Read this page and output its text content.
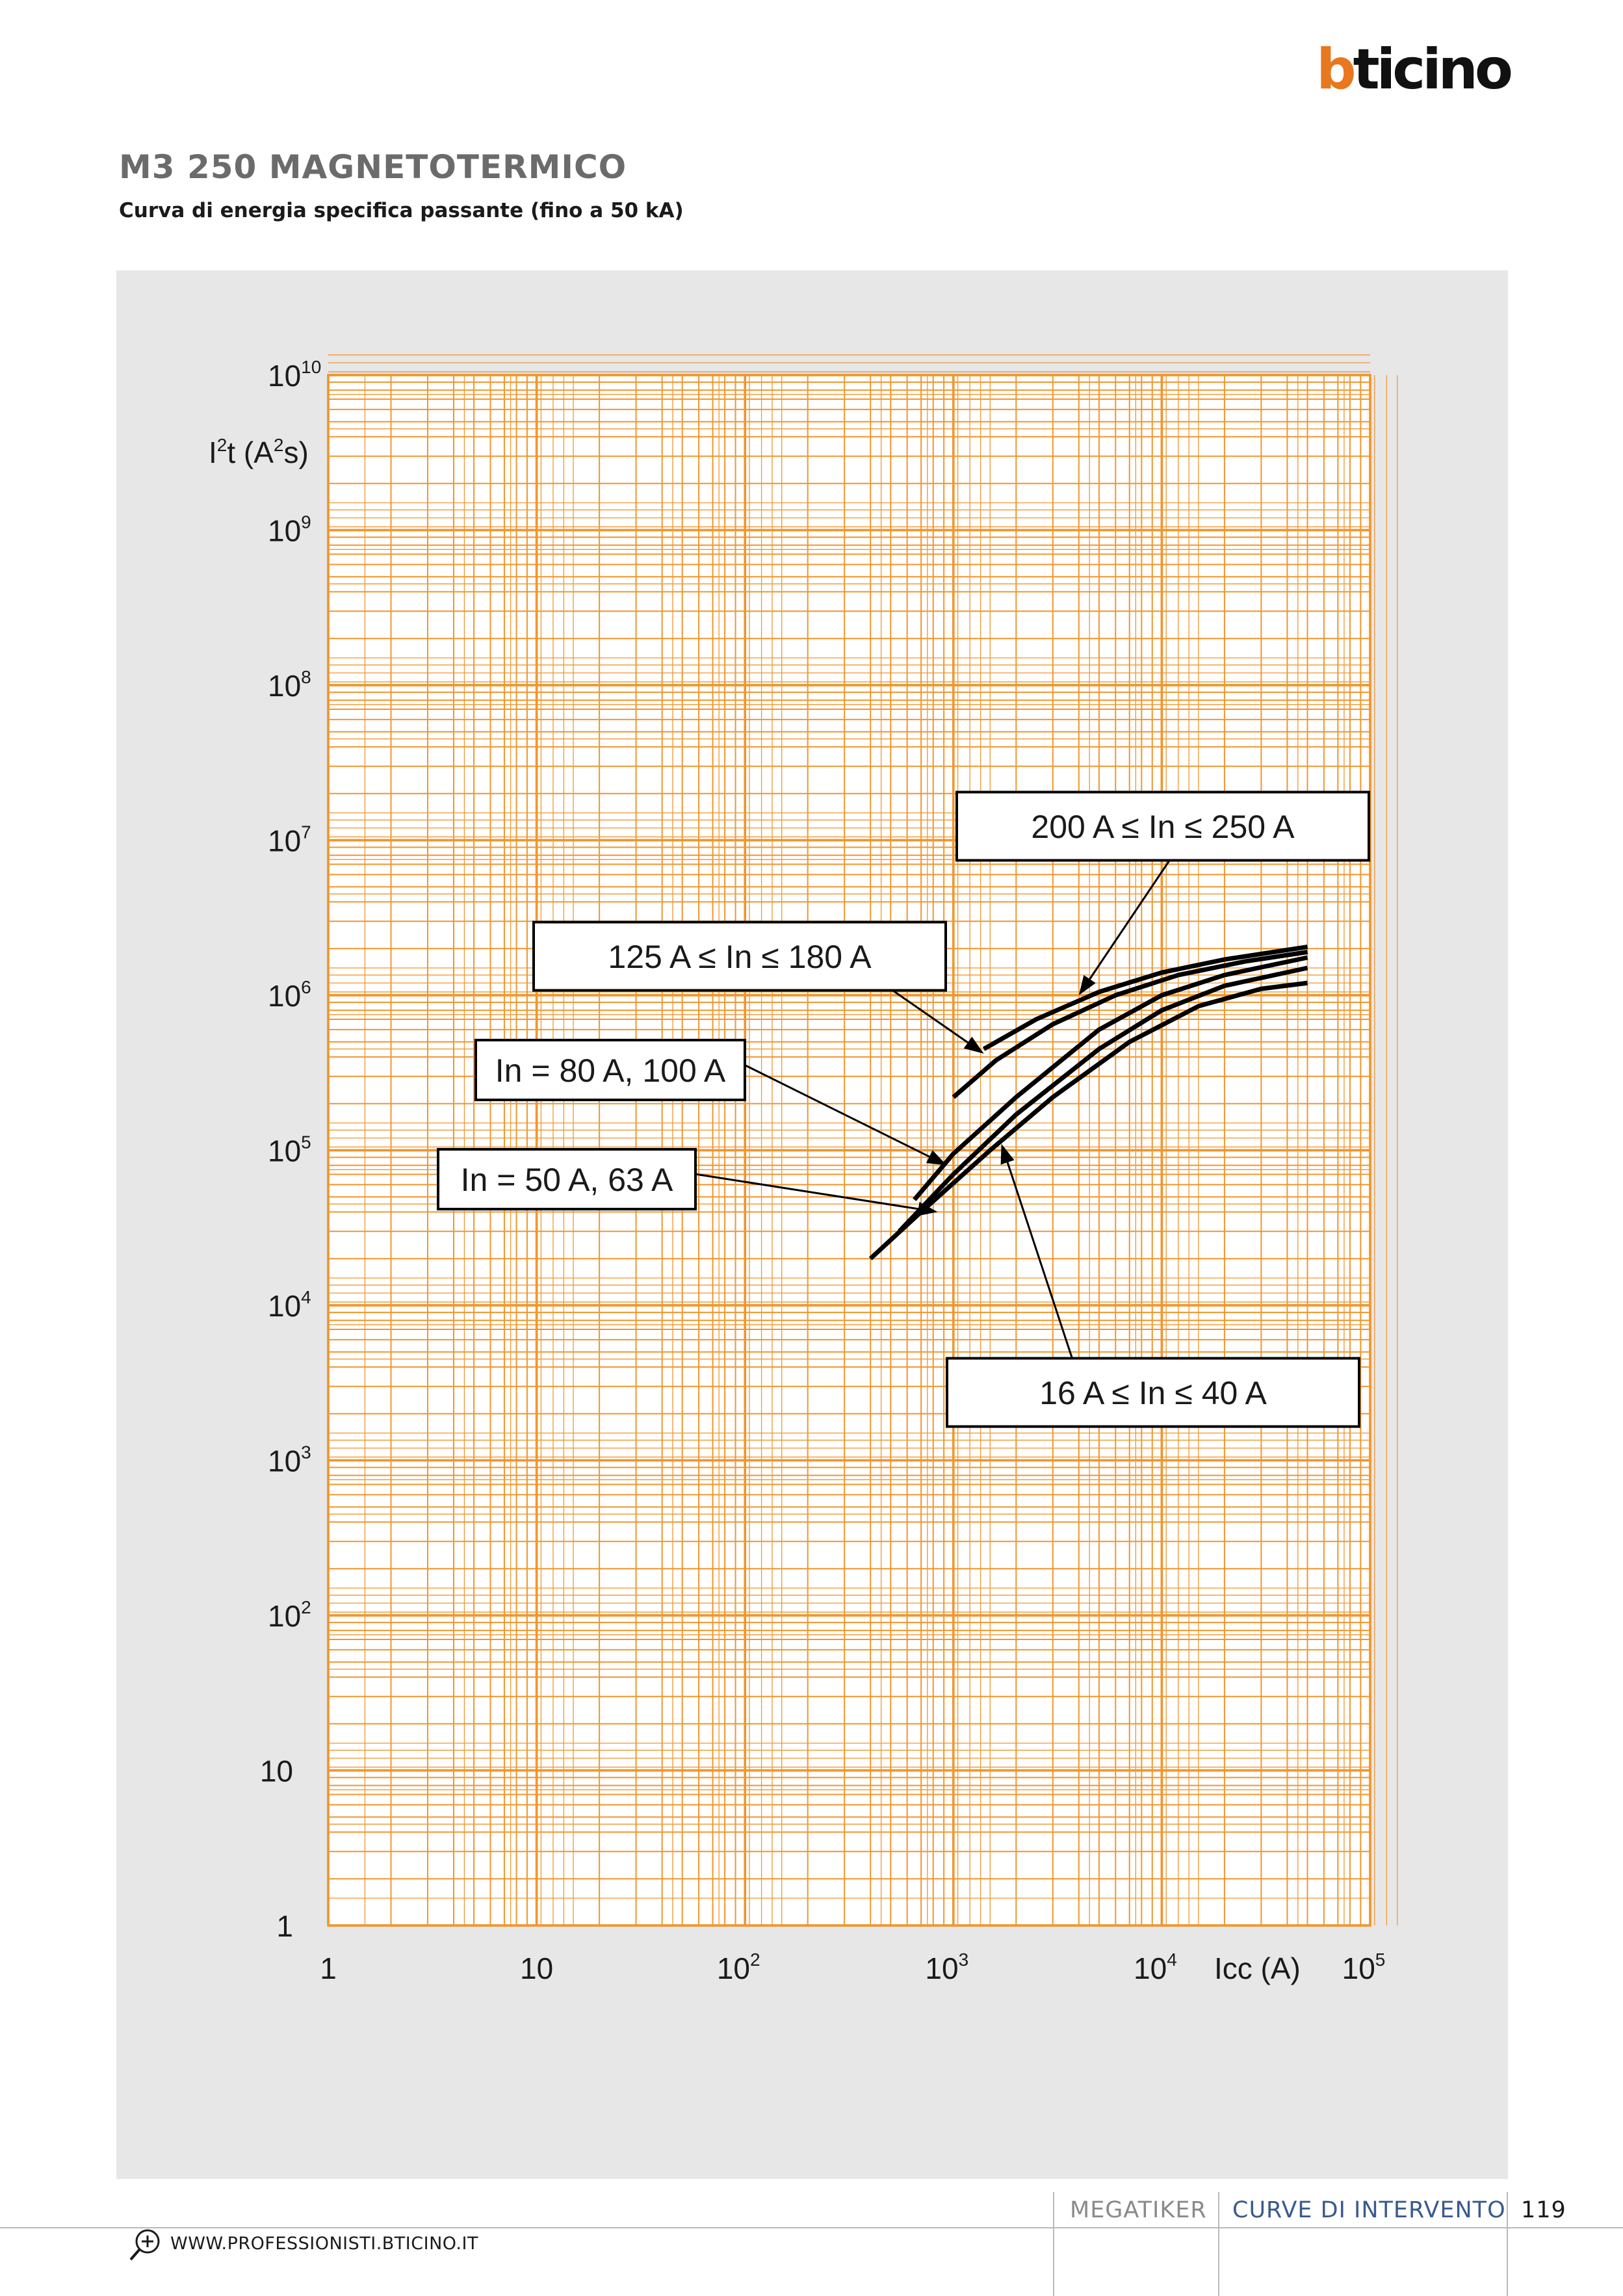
bticino
M3 250 MAGNETOTERMICO
Curva di energia specifica passante (fino a 50 kA)
1
10
$10^2$
$10^3$
$10^4$
$10^5$
$10^6$
$10^7$
$10^8$
$10^9$
$10^{10}$
1	10	$10^2$	$10^3$	$10^4$	$10^5$
$I^2t$ $(A^2s)$
Icc (A)
200 A ≤ In ≤ 250 A
125 A ≤ In ≤ 180 A
In = 80 A, 100 A
In = 50 A, 63 A
16 A ≤ In ≤ 40 A
MEGATIKER CURVE DI INTERVENTO 119
WWW.PROFESSIONISTI.BTICINO.IT
